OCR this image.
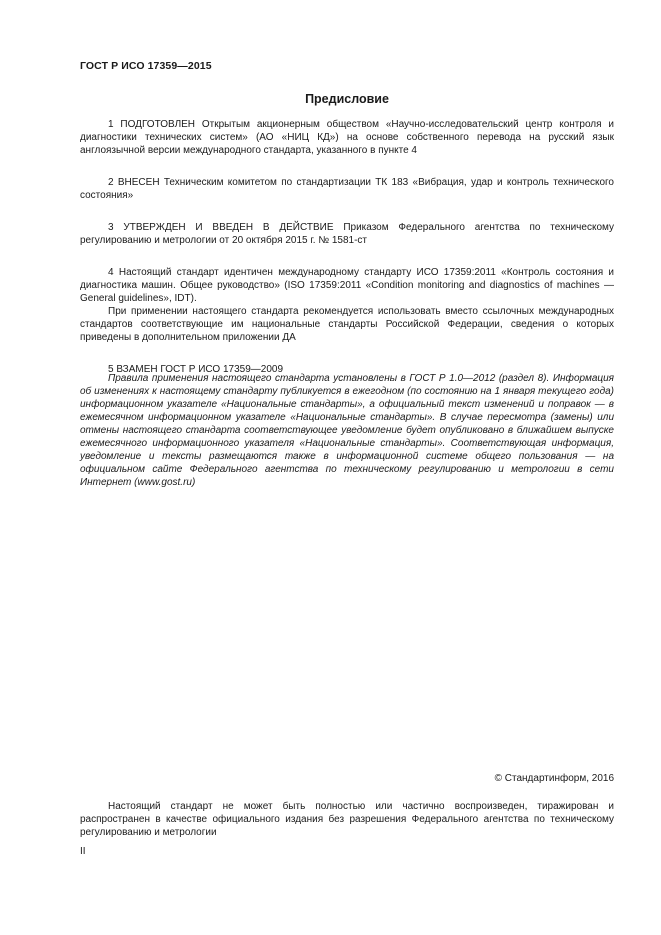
ГОСТ Р ИСО 17359—2015
Предисловие

1 ПОДГОТОВЛЕН Открытым акционерным обществом «Научно-исследовательский центр контроля и диагностики технических систем» (АО «НИЦ КД») на основе собственного перевода на русский язык англоязычной версии международного стандарта, указанного в пункте 4

2 ВНЕСЕН Техническим комитетом по стандартизации ТК 183 «Вибрация, удар и контроль технического состояния»

3 УТВЕРЖДЕН И ВВЕДЕН В ДЕЙСТВИЕ Приказом Федерального агентства по техническому регулированию и метрологии от 20 октября 2015 г. № 1581-ст

4 Настоящий стандарт идентичен международному стандарту ИСО 17359:2011 «Контроль состояния и диагностика машин. Общее руководство» (ISO 17359:2011 «Condition monitoring and diagnostics of machines — General guidelines», IDT).

При применении настоящего стандарта рекомендуется использовать вместо ссылочных международных стандартов соответствующие им национальные стандарты Российской Федерации, сведения о которых приведены в дополнительном приложении ДА

5 ВЗАМЕН ГОСТ Р ИСО 17359—2009

Правила применения настоящего стандарта установлены в ГОСТ Р 1.0—2012 (раздел 8). Информация об изменениях к настоящему стандарту публикуется в ежегодном (по состоянию на 1 января текущего года) информационном указателе «Национальные стандарты», а официальный текст изменений и поправок — в ежемесячном информационном указателе «Национальные стандарты». В случае пересмотра (замены) или отмены настоящего стандарта соответствующее уведомление будет опубликовано в ближайшем выпуске ежемесячного информационного указателя «Национальные стандарты». Соответствующая информация, уведомление и тексты размещаются также в информационной системе общего пользования — на официальном сайте Федерального агентства по техническому регулированию и метрологии в сети Интернет (www.gost.ru)

© Стандартинформ, 2016

Настоящий стандарт не может быть полностью или частично воспроизведен, тиражирован и распространен в качестве официального издания без разрешения Федерального агентства по техническому регулированию и метрологии

II
